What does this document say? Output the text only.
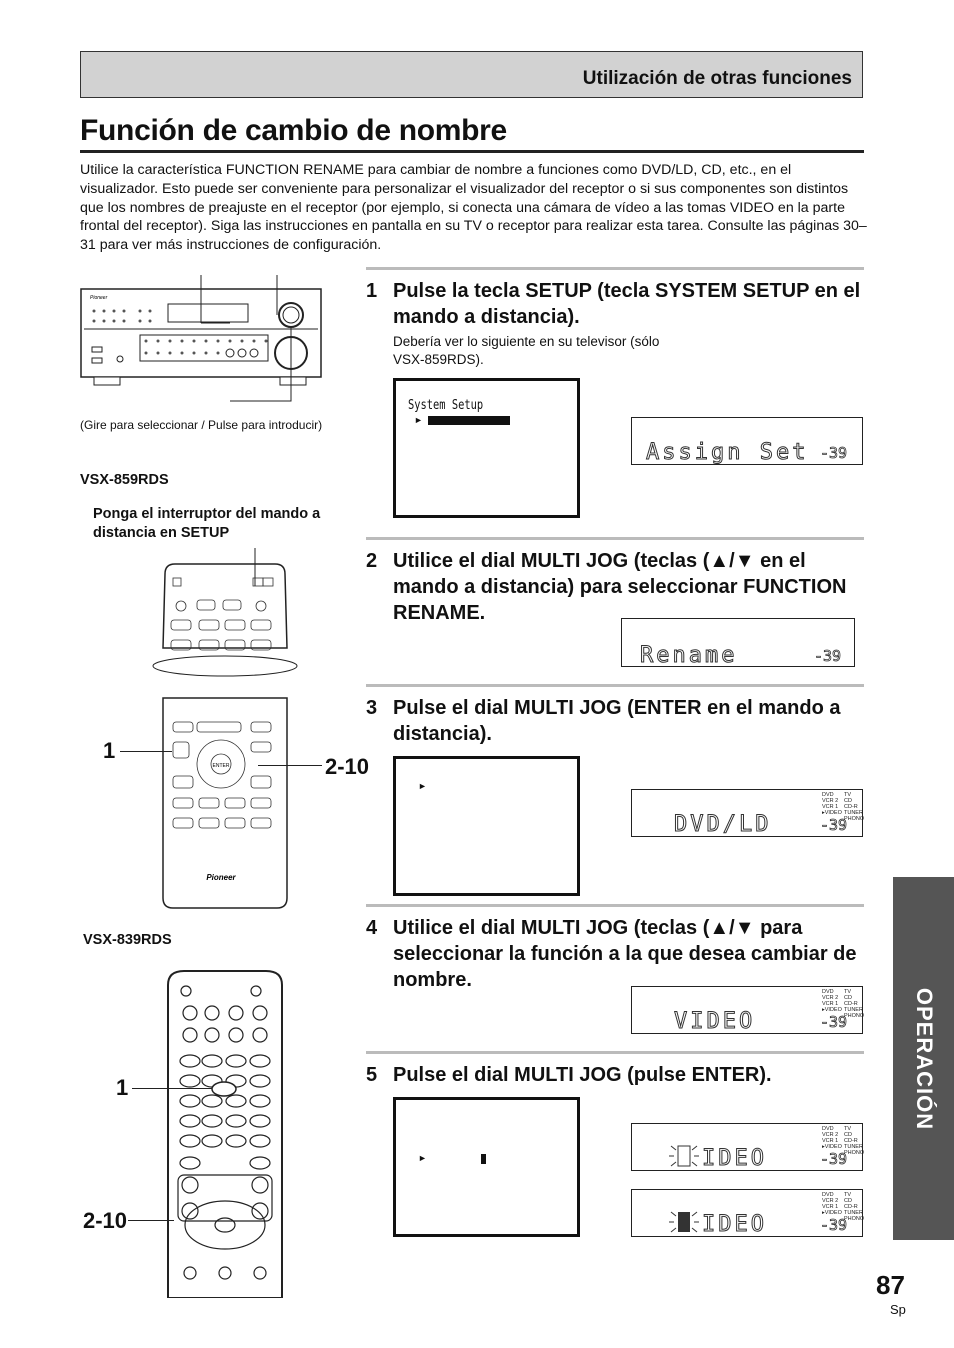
Utilización de otras funciones
Función de cambio de nombre
Utilice la característica FUNCTION RENAME para cambiar de nombre a funciones como DVD/LD, CD, etc., en el visualizador. Esto puede ser conveniente para personalizar el visualizador del receptor o si sus componentes son distintos que los nombres de preajuste en el receptor (por ejemplo, si conecta una cámara de vídeo a las tomas VIDEO en la parte frontal del receptor). Siga las instrucciones en pantalla en su TV o receptor para realizar esta tarea. Consulte las páginas 30–31 para ver más instrucciones de configuración.
Pioneer
(Gire para seleccionar / Pulse para introducir)
VSX-859RDS
Ponga el interruptor del mando a distancia en SETUP
ENTER
Pioneer
VSX-839RDS
1
2-10
1
2-10
1 Pulse la tecla SETUP (tecla SYSTEM SETUP en el mando a distancia).
Debería ver lo siguiente en su televisor (sólo VSX-859RDS).
System Setup
►
Assign Set -39
2 Utilice el dial MULTI JOG (teclas (▲/▼ en el mando a distancia) para seleccionar FUNCTION RENAME.
Rename	-39
3 Pulse el dial MULTI JOG (ENTER en el mando a distancia).
►
DVD
VCR 2
VCR 1
▸VIDEO
TV
CD
CD-R
TUNER
PHONO
DVD/LD	-39
4 Utilice el dial MULTI JOG (teclas (▲/▼ para seleccionar la función a la que desea cambiar de nombre.
DVD
VCR 2
VCR 1
▸VIDEO
TV
CD
CD-R
TUNER
PHONO
VIDEO	-39
5 Pulse el dial MULTI JOG (pulse ENTER).
►
DVD
VCR 2
VCR 1
▸VIDEO
TV
CD
CD-R
TUNER
PHONO
IDEO	-39
DVD
VCR 2
VCR 1
▸VIDEO
TV
CD
CD-R
TUNER
PHONO
IDEO	-39
OPERACIÓN
87
Sp
